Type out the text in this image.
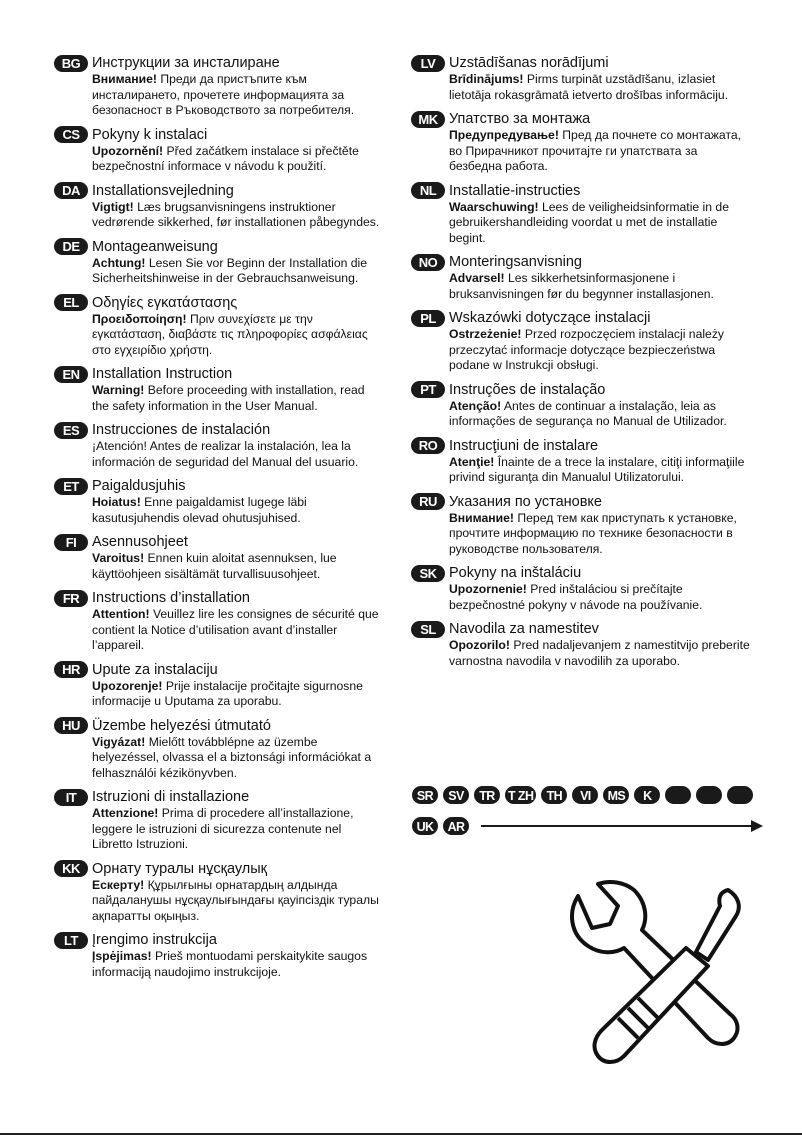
BG Инструкции за инсталиране
Внимание! Преди да пристъпите към инсталирането, прочетете информацията за безопасност в Ръководството за потребителя.
CS Pokyny k instalaci
Upozornění! Před začátkem instalace si přečtěte bezpečnostní informace v návodu k použití.
DA Installationsvejledning
Vigtigt! Læs brugsanvisningens instruktioner vedrørende sikkerhed, før installationen påbegyndes.
DE Montageanweisung
Achtung! Lesen Sie vor Beginn der Installation die Sicherheitshinweise in der Gebrauchsanweisung.
EL Οδηγίες εγκατάστασης
Προειδοποίηση! Πριν συνεχίσετε με την εγκατάσταση, διαβάστε τις πληροφορίες ασφάλειας στο εγχειρίδιο χρήστη.
EN Installation Instruction
Warning! Before proceeding with installation, read the safety information in the User Manual.
ES Instrucciones de instalación
¡Atención! Antes de realizar la instalación, lea la información de seguridad del Manual del usuario.
ET Paigaldusjuhis
Hoiatus! Enne paigaldamist lugege läbi kasutusjuhendis olevad ohutusjuhised.
FI	Asennusohjeet
Varoitus! Ennen kuin aloitat asennuksen, lue käyttöohjeen sisältämät turvallisuusohjeet.
FR Instructions d’installation
Attention! Veuillez lire les consignes de sécurité que contient la Notice d’utilisation avant d’installer l’appareil.
HR Upute za instalaciju
Upozorenje! Prije instalacije pročitajte sigurnosne informacije u Uputama za uporabu.
HU Üzembe helyezési útmutató
Vigyázat! Mielőtt továbblépne az üzembe helyezéssel, olvassa el a biztonsági információkat a felhasználói kézikönyvben.
IT	Istruzioni di installazione
Attenzione! Prima di procedere all’installazione, leggere le istruzioni di sicurezza contenute nel Libretto Istruzioni.
KK Орнату туралы нұсқаулық
Ескерту! Құрылғыны орнатардың алдында пайдаланушы нұсқаулығындағы қауіпсіздік туралы ақпаратты оқыңыз.
LT Įrengimo instrukcija
Įspėjimas! Prieš montuodami perskaitykite saugos informaciją naudojimo instrukcijoje.
LV Uzstādīšanas norādījumi
Brīdinājums! Pirms turpināt uzstādīšanu, izlasiet lietotāja rokasgrāmatā ietverto drošības informāciju.
MK Упатство за монтажа
Предупредување! Пред да почнете со монтажата, во Прирачникот прочитајте ги упатствата за безбедна работа.
NL Installatie-instructies
Waarschuwing! Lees de veiligheidsinformatie in de gebruikershandleiding voordat u met de installatie begint.
NO Monteringsanvisning
Advarsel! Les sikkerhetsinformasjonene i bruksanvisningen før du begynner installasjonen.
PL Wskazówki dotyczące instalacji
Ostrzeżenie! Przed rozpoczęciem instalacji należy przeczytać informacje dotyczące bezpieczeństwa podane w Instrukcji obsługi.
PT Instruções de instalação
Atenção! Antes de continuar a instalação, leia as informações de segurança no Manual de Utilizador.
RO Instrucţiuni de instalare
Atenţie! Înainte de a trece la instalare, citiţi informaţiile privind siguranţa din Manualul Utilizatorului.
RU Указания по установке
Внимание! Перед тем как приступать к установке, прочтите информацию по технике безопасности в руководстве пользователя.
SK Pokyny na inštaláciu
Upozornenie! Pred inštaláciou si prečítajte bezpečnostné pokyny v návode na používanie.
SL Navodila za namestitev
Opozorilo! Pred nadaljevanjem z namestitvijo preberite varnostna navodila v navodilih za uporabo.
SR	SV	TR	T ZH	TH	VI	MS	K
UK	AR
